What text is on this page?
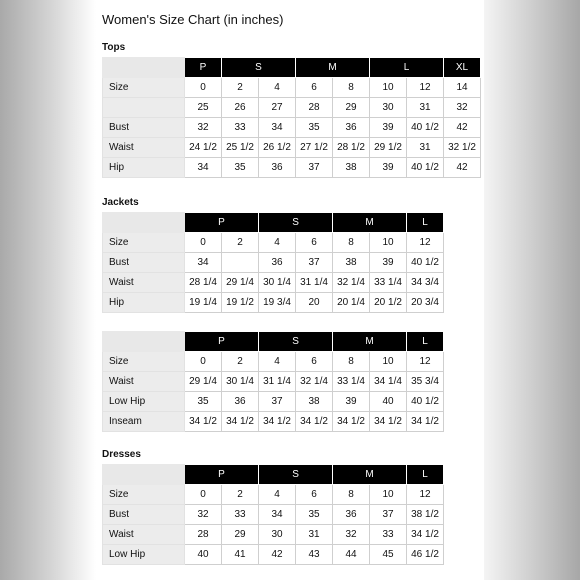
Women's Size Chart (in inches)
Tops
	P	S		M		L		XL
Size	0	2	4	6	8	10	12	14
	25	26	27	28	29	30	31	32
Bust	32	33	34	35	36	39	40 1/2	42
Waist	24 1/2	25 1/2	26 1/2	27 1/2	28 1/2	29 1/2	31	32 1/2
Hip	34	35	36	37	38	39	40 1/2	42
Jackets
	P		S		M		L
Size	0	2	4	6	8	10	12
Bust	34		36	37	38	39	40 1/2
Waist	28 1/4	29 1/4	30 1/4	31 1/4	32 1/4	33 1/4	34 3/4
Hip	19 1/4	19 1/2	19 3/4	20	20 1/4	20 1/2	20 3/4
	P		S		M		L
Size	0	2	4	6	8	10	12
Waist	29 1/4	30 1/4	31 1/4	32 1/4	33 1/4	34 1/4	35 3/4
Low Hip	35	36	37	38	39	40	40 1/2
Inseam	34 1/2	34 1/2	34 1/2	34 1/2	34 1/2	34 1/2	34 1/2
Dresses
	P		S		M		L
Size	0	2	4	6	8	10	12
Bust	32	33	34	35	36	37	38 1/2
Waist	28	29	30	31	32	33	34 1/2
Low Hip	40	41	42	43	44	45	46 1/2
